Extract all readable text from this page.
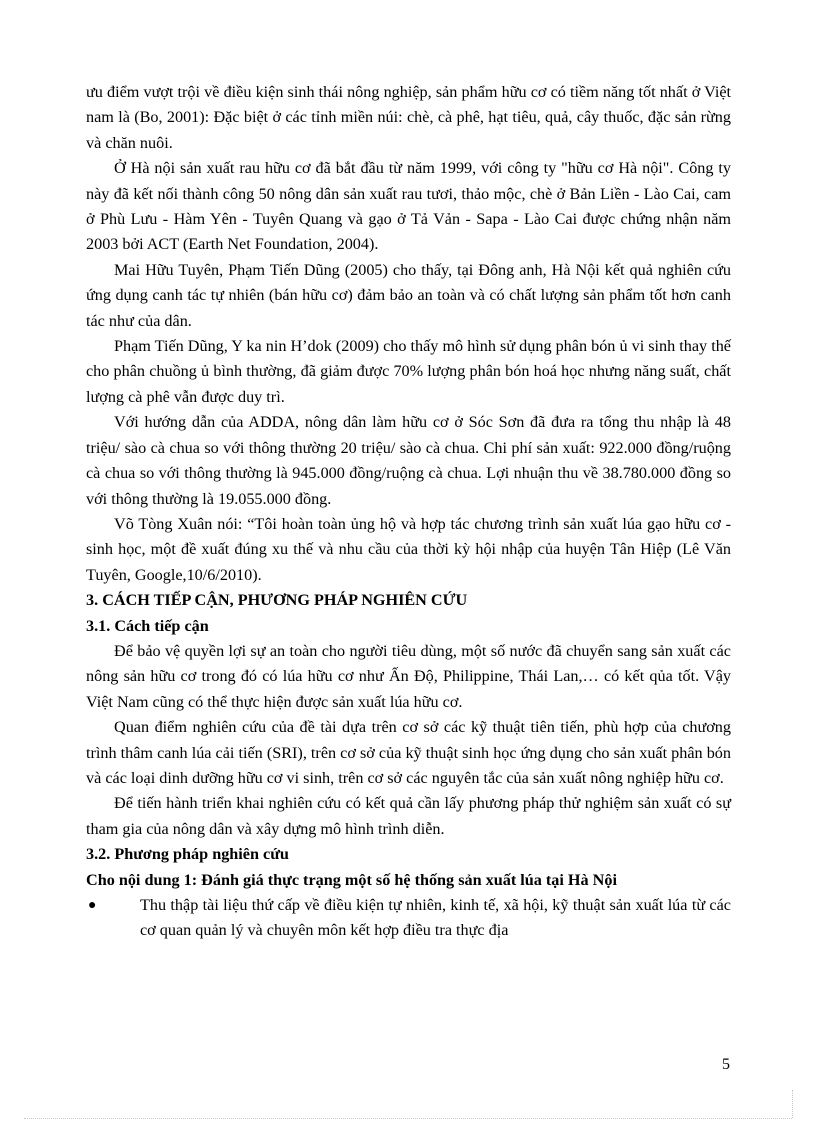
ưu điểm vượt trội về điều kiện sinh thái nông nghiệp, sản phẩm hữu cơ có tiềm năng tốt nhất ở Việt nam là (Bo, 2001): Đặc biệt ở các tỉnh miền núi: chè, cà phê, hạt tiêu, quả, cây thuốc, đặc sản rừng và chăn nuôi.

Ở Hà nội sản xuất rau hữu cơ đã bắt đầu từ năm 1999, với công ty "hữu cơ Hà nội". Công ty này đã kết nối thành công 50 nông dân sản xuất rau tươi, thảo mộc, chè ở Bản Liền - Lào Cai, cam ở Phù Lưu - Hàm Yên - Tuyên Quang và gạo ở Tả Vản - Sapa - Lào Cai được chứng nhận năm 2003 bởi ACT (Earth Net Foundation, 2004).

Mai Hữu Tuyên, Phạm Tiến Dũng (2005) cho thấy, tại Đông anh, Hà Nội kết quả nghiên cứu ứng dụng canh tác tự nhiên (bán hữu cơ) đảm bảo an toàn và có chất lượng sản phẩm tốt hơn canh tác như của dân.

Phạm Tiến Dũng, Y ka nin H’dok (2009) cho thấy mô hình sử dụng phân bón ủ vi sinh thay thế cho phân chuồng ủ bình thường, đã giảm được 70% lượng phân bón hoá học nhưng năng suất, chất lượng cà phê vẫn được duy trì.

Với hướng dẫn của ADDA, nông dân làm hữu cơ ở Sóc Sơn đã đưa ra tổng thu nhập là 48 triệu/ sào cà chua so với thông thường 20 triệu/ sào cà chua. Chi phí sản xuất: 922.000 đồng/ruộng cà chua so với thông thường là 945.000 đồng/ruộng cà chua. Lợi nhuận thu về 38.780.000 đồng so với thông thường là 19.055.000 đồng.

Võ Tòng Xuân nói: “Tôi hoàn toàn ủng hộ và hợp tác chương trình sản xuất lúa gạo hữu cơ - sinh học, một đề xuất đúng xu thế và nhu cầu của thời kỳ hội nhập của huyện Tân Hiệp (Lê Văn Tuyên, Google,10/6/2010).

3. CÁCH TIẾP CẬN, PHƯƠNG PHÁP NGHIÊN CỨU
3.1. Cách tiếp cận

Để bảo vệ quyền lợi sự an toàn cho người tiêu dùng, một số nước đã chuyển sang sản xuất các nông sản hữu cơ trong đó có lúa hữu cơ như Ấn Độ, Philippine, Thái Lan,… có kết qủa tốt. Vậy Việt Nam cũng có thể thực hiện được sản xuất lúa hữu cơ.

Quan điểm nghiên cứu của đề tài dựa trên cơ sở các kỹ thuật tiên tiến, phù hợp của chương trình thâm canh lúa cải tiến (SRI), trên cơ sở của kỹ thuật sinh học ứng dụng cho sản xuất phân bón và các loại dinh dưỡng hữu cơ vi sinh, trên cơ sở các nguyên tắc của sản xuất nông nghiệp hữu cơ.

Để tiến hành triển khai nghiên cứu có kết quả cần lấy phương pháp thử nghiệm sản xuất có sự tham gia của nông dân và xây dựng mô hình trình diễn.

3.2. Phương pháp nghiên cứu
Cho nội dung 1: Đánh giá thực trạng một số hệ thống sản xuất lúa tại Hà Nội
●	Thu thập tài liệu thứ cấp về điều kiện tự nhiên, kinh tế, xã hội, kỹ thuật sản xuất lúa từ các cơ quan quản lý và chuyên môn kết hợp điều tra thực địa
5
